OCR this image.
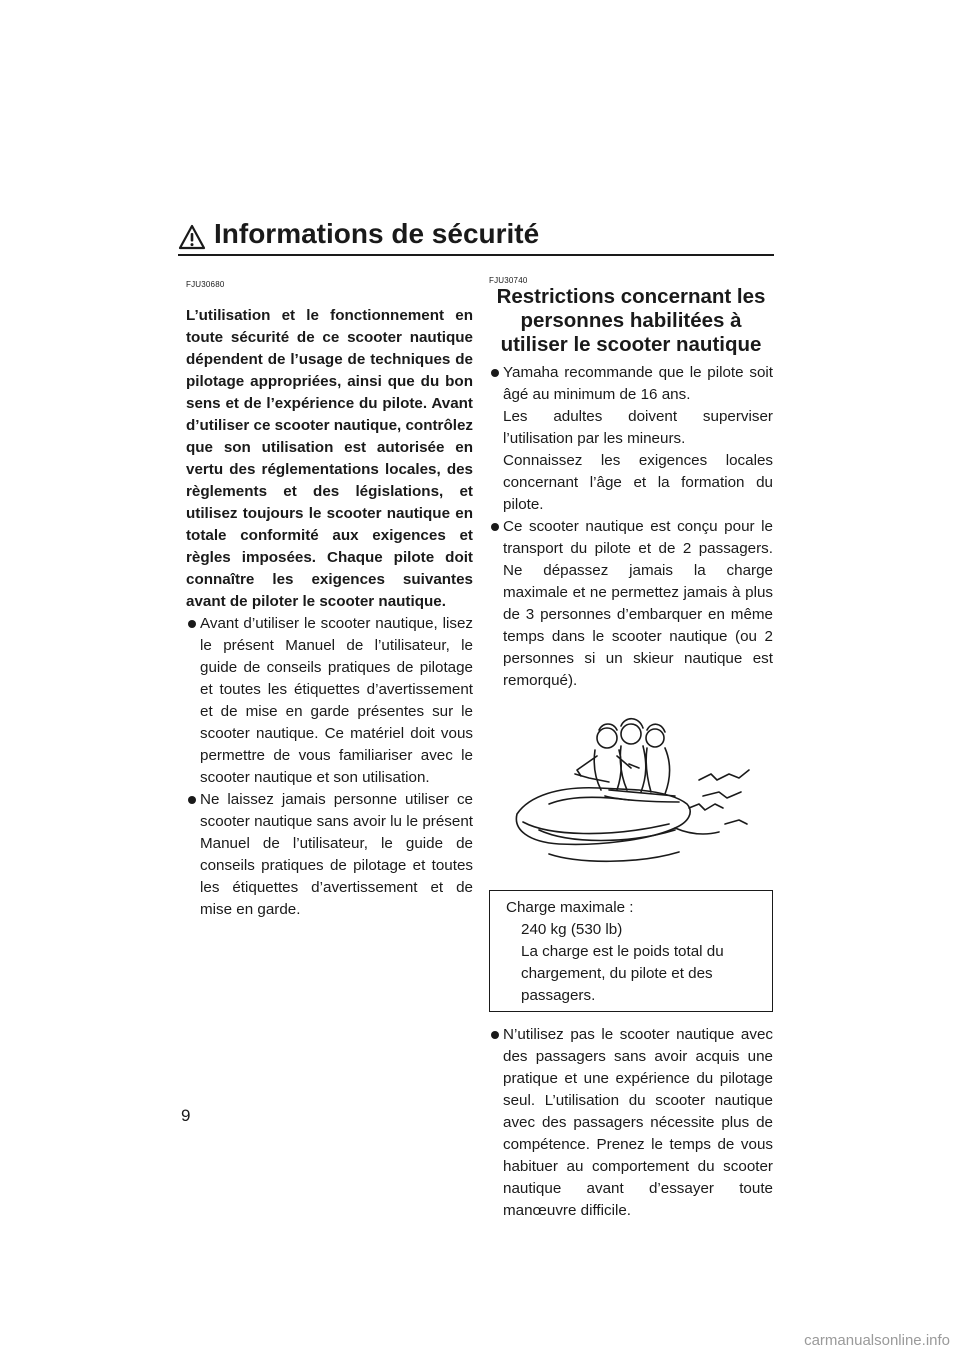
Informations de sécurité
9
FJU30680	FJU30740

L’utilisation et le fonctionnement en toute sécurité de ce scooter nautique dépendent de l’usage de techniques de pilotage appropriées, ainsi que du bon sens et de l’expérience du pilote. Avant d’utiliser ce scooter nautique, contrôlez que son utilisation est autorisée en vertu des réglementations locales, des règlements et des législations, et utilisez toujours le scooter nautique en totale conformité aux exigences et règles imposées. Chaque pilote doit connaître les exigences suivantes avant de piloter le scooter nautique.

Avant d’utiliser le scooter nautique, lisez le présent Manuel de l’utilisateur, le guide de conseils pratiques de pilotage et toutes les étiquettes d’avertissement et de mise en garde présentes sur le scooter nautique. Ce matériel doit vous permettre de vous familiariser avec le scooter nautique et son utilisation.

Ne laissez jamais personne utiliser ce scooter nautique sans avoir lu le présent Manuel de l’utilisateur, le guide de conseils pratiques de pilotage et toutes les étiquettes d’avertissement et de mise en garde.

Restrictions concernant les personnes habilitées à utiliser le scooter nautique

Yamaha recommande que le pilote soit âgé au minimum de 16 ans.

Les adultes doivent superviser l’utilisation par les mineurs.

Connaissez les exigences locales concernant l’âge et la formation du pilote.

Ce scooter nautique est conçu pour le transport du pilote et de 2 passagers. Ne dépassez jamais la charge maximale et ne permettez jamais à plus de 3 personnes d’embarquer en même temps dans le scooter nautique (ou 2 personnes si un skieur nautique est remorqué).

Charge maximale :

240 kg (530 lb)

La charge est le poids total du chargement, du pilote et des passagers.

N’utilisez pas le scooter nautique avec des passagers sans avoir acquis une pratique et une expérience du pilotage seul. L’utilisation du scooter nautique avec des passagers nécessite plus de compétence. Prenez le temps de vous habituer au comportement du scooter nautique avant d’essayer toute manœuvre difficile.

carmanualsonline.info
